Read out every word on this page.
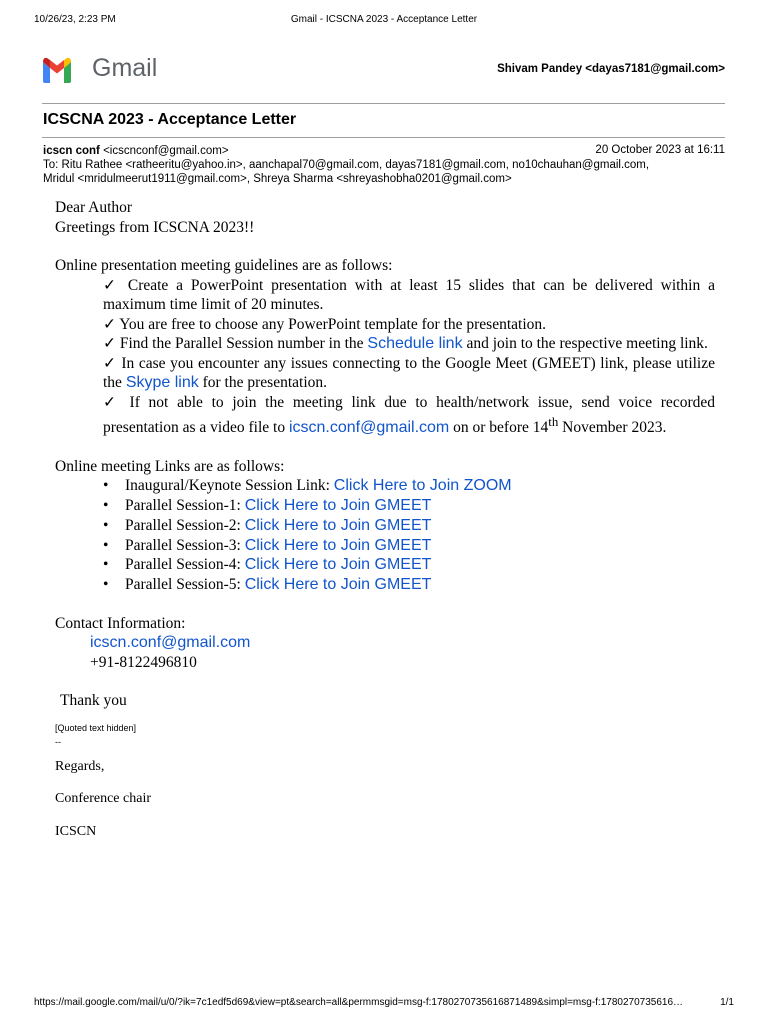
10/26/23, 2:23 PM	Gmail - ICSCNA 2023 - Acceptance Letter
Gmail	Shivam Pandey <dayas7181@gmail.com>
ICSCNA 2023 - Acceptance Letter
icscn conf <icscnconf@gmail.com>	20 October 2023 at 16:11
To: Ritu Rathee <ratheeritu@yahoo.in>, aanchapal70@gmail.com, dayas7181@gmail.com, no10chauhan@gmail.com,
Mridul <mridulmeerut1911@gmail.com>, Shreya Sharma <shreyashobha0201@gmail.com>

Dear Author

Greetings from ICSCNA 2023!!

Online presentation meeting guidelines are as follows:

✓ Create a PowerPoint presentation with at least 15 slides that can be delivered within a maximum time limit of 20 minutes.

✓ You are free to choose any PowerPoint template for the presentation.

✓ Find the Parallel Session number in the Schedule link and join to the respective meeting link.

✓ In case you encounter any issues connecting to the Google Meet (GMEET) link, please utilize the Skype link for the presentation.

✓ If not able to join the meeting link due to health/network issue, send voice recorded presentation as a video file to icscn.conf@gmail.com on or before 14th November 2023.

Online meeting Links are as follows:

• Inaugural/Keynote Session Link: Click Here to Join ZOOM
• Parallel Session-1: Click Here to Join GMEET
• Parallel Session-2: Click Here to Join GMEET
• Parallel Session-3: Click Here to Join GMEET
• Parallel Session-4: Click Here to Join GMEET
• Parallel Session-5: Click Here to Join GMEET

Contact Information:

icscn.conf@gmail.com

+91-8122496810

Thank you

[Quoted text hidden]

--

Regards,

Conference chair

ICSCN

https://mail.google.com/mail/u/0/?ik=7c1edf5d69&view=pt&search=all&permmsgid=msg-f:1780270735616871489&simpl=msg-f:1780270735616…	1/1
